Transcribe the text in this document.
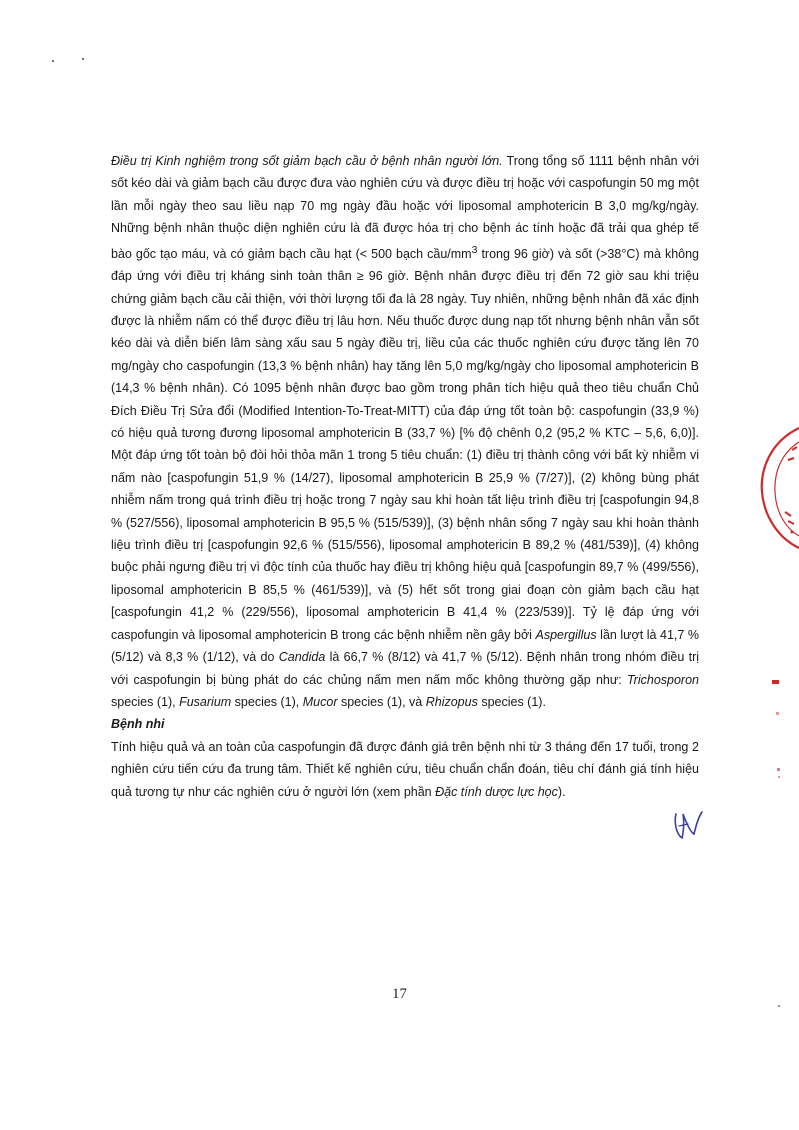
Điều trị Kinh nghiệm trong sốt giảm bạch cầu ở bệnh nhân người lớn. Trong tổng số 1111 bệnh nhân với sốt kéo dài và giảm bạch cầu được đưa vào nghiên cứu và được điều trị hoặc với caspofungin 50 mg một lần mỗi ngày theo sau liều nạp 70 mg ngày đầu hoặc với liposomal amphotericin B 3,0 mg/kg/ngày. Những bệnh nhân thuộc diện nghiên cứu là đã được hóa trị cho bệnh ác tính hoặc đã trải qua ghép tế bào gốc tạo máu, và có giảm bạch cầu hạt (< 500 bạch cầu/$mm^3$ trong 96 giờ) và sốt (>38°C) mà không đáp ứng với điều trị kháng sinh toàn thân ≥ 96 giờ. Bệnh nhân được điều trị đến 72 giờ sau khi triệu chứng giảm bạch cầu cải thiện, với thời lượng tối đa là 28 ngày. Tuy nhiên, những bệnh nhân đã xác định được là nhiễm nấm có thể được điều trị lâu hơn. Nếu thuốc được dung nạp tốt nhưng bệnh nhân vẫn sốt kéo dài và diễn biến lâm sàng xấu sau 5 ngày điều trị, liều của các thuốc nghiên cứu được tăng lên 70 mg/ngày cho caspofungin (13,3 % bệnh nhân) hay tăng lên 5,0 mg/kg/ngày cho liposomal amphotericin B (14,3 % bệnh nhân). Có 1095 bệnh nhân được bao gồm trong phân tích hiệu quả theo tiêu chuẩn Chủ Đích Điều Trị Sửa đổi (Modified Intention-To-Treat-MITT) của đáp ứng tốt toàn bộ: caspofungin (33,9 %) có hiệu quả tương đương liposomal amphotericin B (33,7 %) [% độ chênh 0,2 (95,2 % KTC – 5,6, 6,0)]. Một đáp ứng tốt toàn bộ đòi hỏi thỏa mãn 1 trong 5 tiêu chuẩn: (1) điều trị thành công với bất kỳ nhiễm vi nấm nào [caspofungin 51,9 % (14/27), liposomal amphotericin B 25,9 % (7/27)], (2) không bùng phát nhiễm nấm trong quá trình điều trị hoặc trong 7 ngày sau khi hoàn tất liệu trình điều trị [caspofungin 94,8 % (527/556), liposomal amphotericin B 95,5 % (515/539)], (3) bệnh nhân sống 7 ngày sau khi hoàn thành liệu trình điều trị [caspofungin 92,6 % (515/556), liposomal amphotericin B 89,2 % (481/539)], (4) không buộc phải ngưng điều trị vì độc tính của thuốc hay điều trị không hiệu quả [caspofungin 89,7 % (499/556), liposomal amphotericin B 85,5 % (461/539)], và (5) hết sốt trong giai đoạn còn giảm bạch cầu hạt [caspofungin 41,2 % (229/556), liposomal amphotericin B 41,4 % (223/539)]. Tỷ lệ đáp ứng với caspofungin và liposomal amphotericin B trong các bệnh nhiễm nền gây bởi Aspergillus lần lượt là 41,7 % (5/12) và 8,3 % (1/12), và do Candida là 66,7 % (8/12) và 41,7 % (5/12). Bệnh nhân trong nhóm điều trị với caspofungin bị bùng phát do các chủng nấm men nấm mốc không thường gặp như: Trichosporon species (1), Fusarium species (1), Mucor species (1), và Rhizopus species (1).

Bệnh nhi

Tính hiệu quả và an toàn của caspofungin đã được đánh giá trên bệnh nhi từ 3 tháng đến 17 tuổi, trong 2 nghiên cứu tiến cứu đa trung tâm. Thiết kế nghiên cứu, tiêu chuẩn chẩn đoán, tiêu chí đánh giá tính hiệu quả tương tự như các nghiên cứu ở người lớn (xem phần Đặc tính dược lực học).

17
